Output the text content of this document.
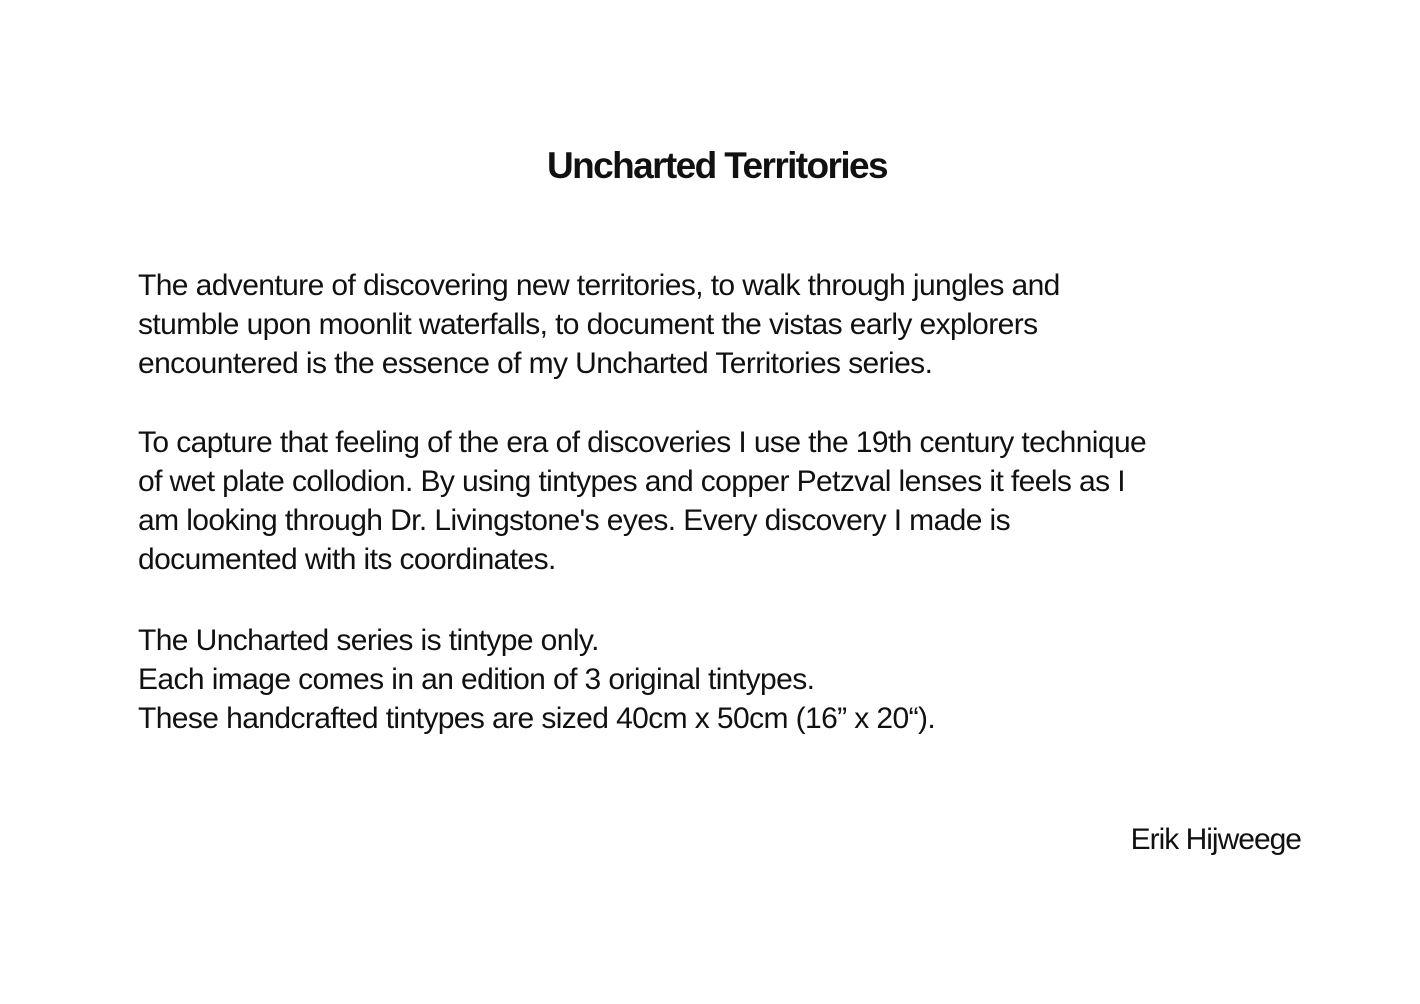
Uncharted Territories

The adventure of discovering new territories, to walk through jungles and
stumble upon moonlit waterfalls, to document the vistas early explorers
encountered is the essence of my Uncharted Territories series.

To capture that feeling of the era of discoveries I use the 19th century technique
of wet plate collodion. By using tintypes and copper Petzval lenses it feels as I
am looking through Dr. Livingstone's eyes. Every discovery I made is
documented with its coordinates.

The Uncharted series is tintype only.
Each image comes in an edition of 3 original tintypes.
These handcrafted tintypes are sized 40cm x 50cm (16” x 20“).

Erik Hijweege
